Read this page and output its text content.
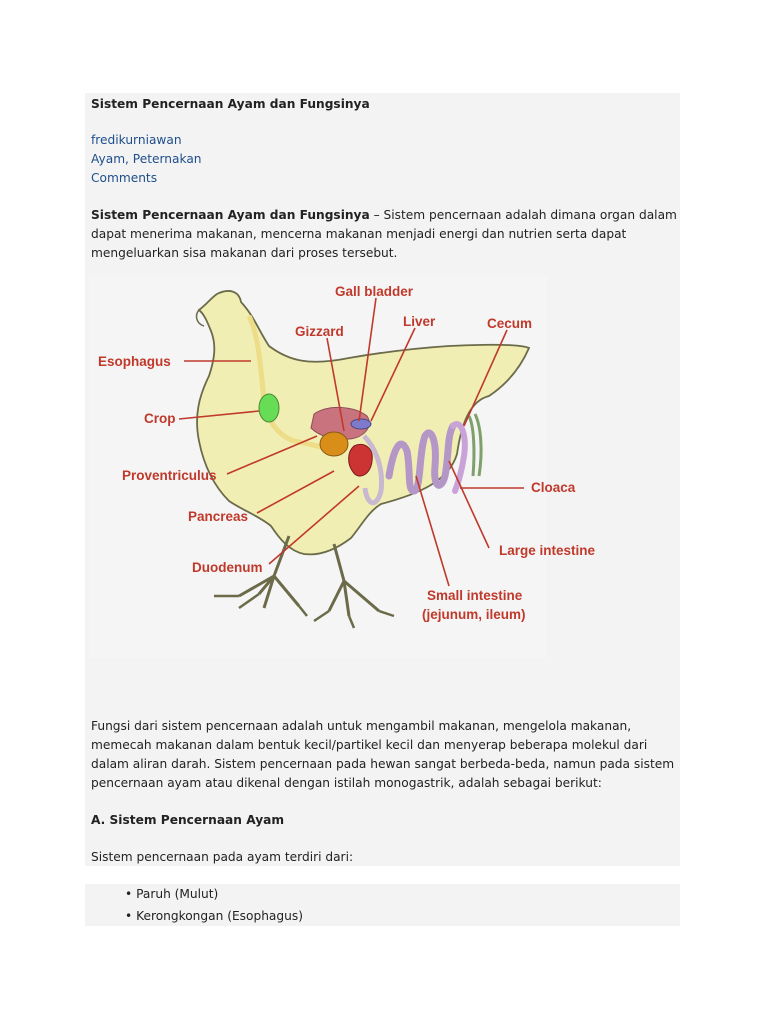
Sistem Pencernaan Ayam dan Fungsinya
fredikurniawan
Ayam, Peternakan
Comments
Sistem Pencernaan Ayam dan Fungsinya – Sistem pencernaan adalah dimana organ dalam
dapat menerima makanan, mencerna makanan menjadi energi dan nutrien serta dapat
mengeluarkan sisa makanan dari proses tersebut.
Gall bladder
Gizzard
Liver	Cecum
Esophagus
Crop
Proventriculus
Pancreas
Duodenum
Cloaca
Large intestine
Small intestine
(jejunum, ileum)
Fungsi dari sistem pencernaan adalah untuk mengambil makanan, mengelola makanan,
memecah makanan dalam bentuk kecil/partikel kecil dan menyerap beberapa molekul dari
dalam aliran darah. Sistem pencernaan pada hewan sangat berbeda-beda, namun pada sistem
pencernaan ayam atau dikenal dengan istilah monogastrik, adalah sebagai berikut:
A. Sistem Pencernaan Ayam
Sistem pencernaan pada ayam terdiri dari:
• Paruh (Mulut)
• Kerongkongan (Esophagus)
